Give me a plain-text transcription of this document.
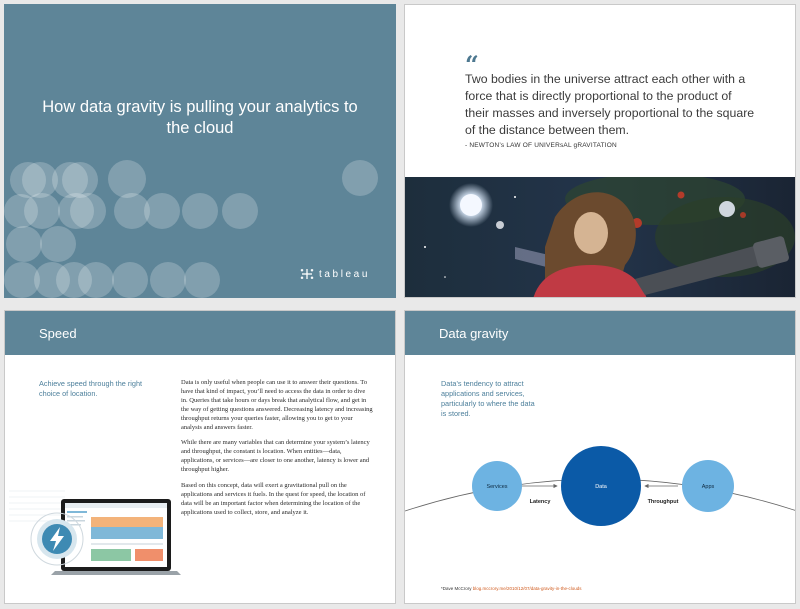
How data gravity is pulling your analytics to the cloud
tableau
“
Two bodies in the universe attract each other with a force that is directly proportional to the product of their masses and inversely proportional to the square of the distance between them.
- NEWTON’s LAW OF UNIVERsAL gRAVITATION
Speed
Achieve speed through the right choice of location.

Data is only useful when people can use it to answer their questions. To have that kind of impact, you’ll need to access the data in order to dive in. Queries that take hours or days break that analytical flow, and get in the way of getting questions answered. Decreasing latency and increasing throughput returns your queries faster, allowing you to get to your analysis and answers faster.

While there are many variables that can determine your system’s latency and throughput, the constant is location. When entities—data, applications, or services—are closer to one another, latency is lower and throughput higher.

Based on this concept, data will exert a gravitational pull on the applications and services it fuels. In the quest for speed, the location of data will be an important factor when determining the location of the applications used to collect, store, and analyze it.

Data gravity
Data’s tendency to attract applications and services, particularly to where the data is stored.
Services	Data	Apps
Latency	Throughput
*Dave McCrory blog.mccrory.me/2010/12/07/data-gravity-in-the-clouds
